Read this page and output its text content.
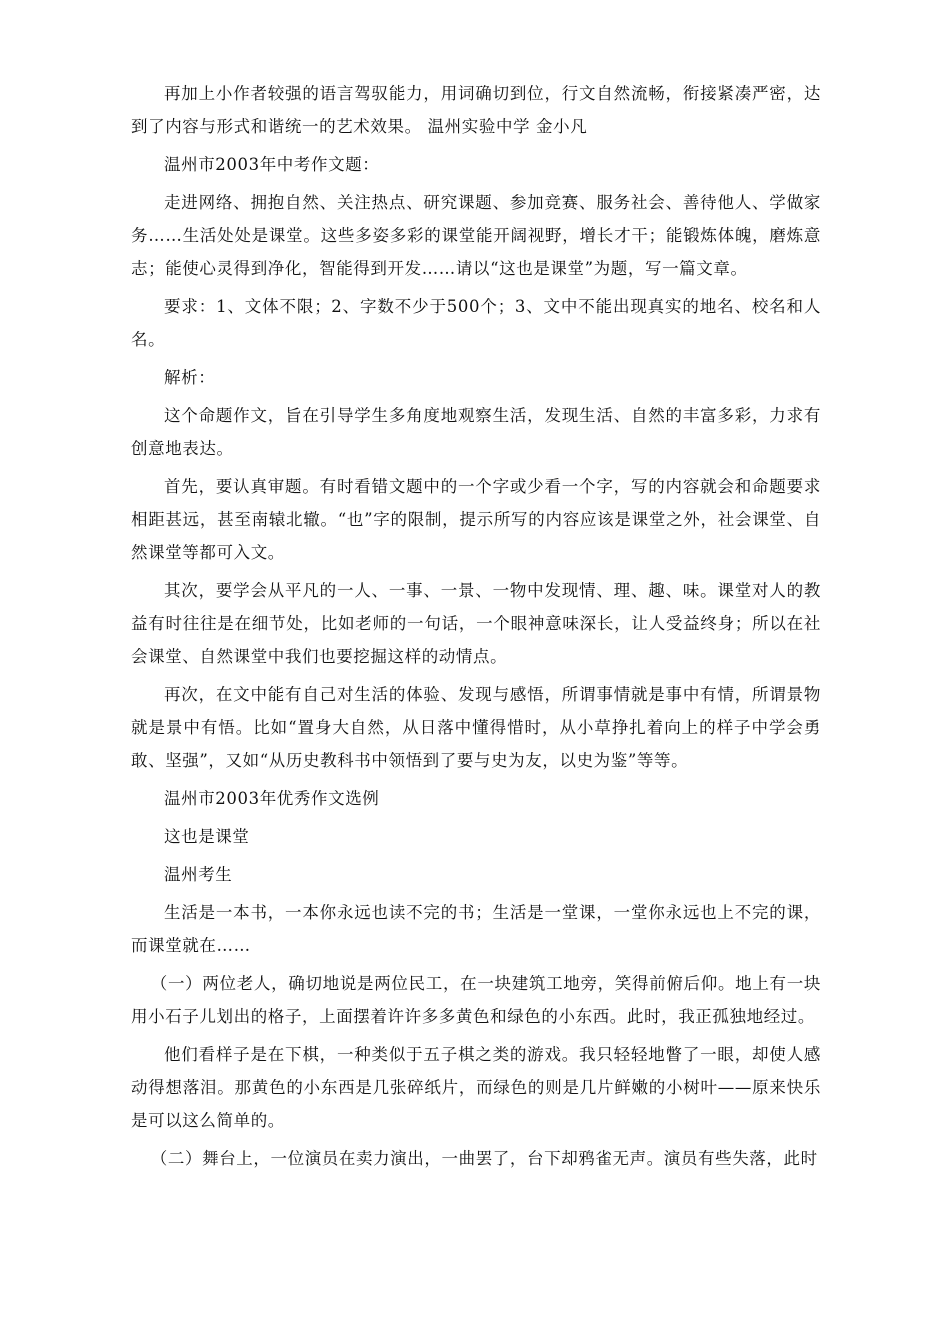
再加上小作者较强的语言驾驭能力，用词确切到位，行文自然流畅，衔接紧凑严密，达到了内容与形式和谐统一的艺术效果。 温州实验中学 金小凡

温州市2003年中考作文题：

走进网络、拥抱自然、关注热点、研究课题、参加竞赛、服务社会、善待他人、学做家务……生活处处是课堂。这些多姿多彩的课堂能开阔视野，增长才干；能锻炼体魄，磨炼意志；能使心灵得到净化，智能得到开发……请以“这也是课堂”为题，写一篇文章。

要求：1、文体不限；2、字数不少于500个；3、文中不能出现真实的地名、校名和人名。

解析：

这个命题作文，旨在引导学生多角度地观察生活，发现生活、自然的丰富多彩，力求有创意地表达。

首先，要认真审题。有时看错文题中的一个字或少看一个字，写的内容就会和命题要求相距甚远，甚至南辕北辙。“也”字的限制，提示所写的内容应该是课堂之外，社会课堂、自然课堂等都可入文。

其次，要学会从平凡的一人、一事、一景、一物中发现情、理、趣、味。课堂对人的教益有时往往是在细节处，比如老师的一句话，一个眼神意味深长，让人受益终身；所以在社会课堂、自然课堂中我们也要挖掘这样的动情点。

再次，在文中能有自己对生活的体验、发现与感悟，所谓事情就是事中有情，所谓景物就是景中有悟。比如“置身大自然，从日落中懂得惜时，从小草挣扎着向上的样子中学会勇敢、坚强”，又如“从历史教科书中领悟到了要与史为友，以史为鉴”等等。

温州市2003年优秀作文选例

这也是课堂

温州考生

生活是一本书，一本你永远也读不完的书；生活是一堂课，一堂你永远也上不完的课，而课堂就在……

（一）两位老人，确切地说是两位民工，在一块建筑工地旁，笑得前俯后仰。地上有一块用小石子儿划出的格子，上面摆着许许多多黄色和绿色的小东西。此时，我正孤独地经过。

他们看样子是在下棋，一种类似于五子棋之类的游戏。我只轻轻地瞥了一眼，却使人感动得想落泪。那黄色的小东西是几张碎纸片，而绿色的则是几片鲜嫩的小树叶——原来快乐是可以这么简单的。

（二）舞台上，一位演员在卖力演出，一曲罢了，台下却鸦雀无声。演员有些失落，此时
